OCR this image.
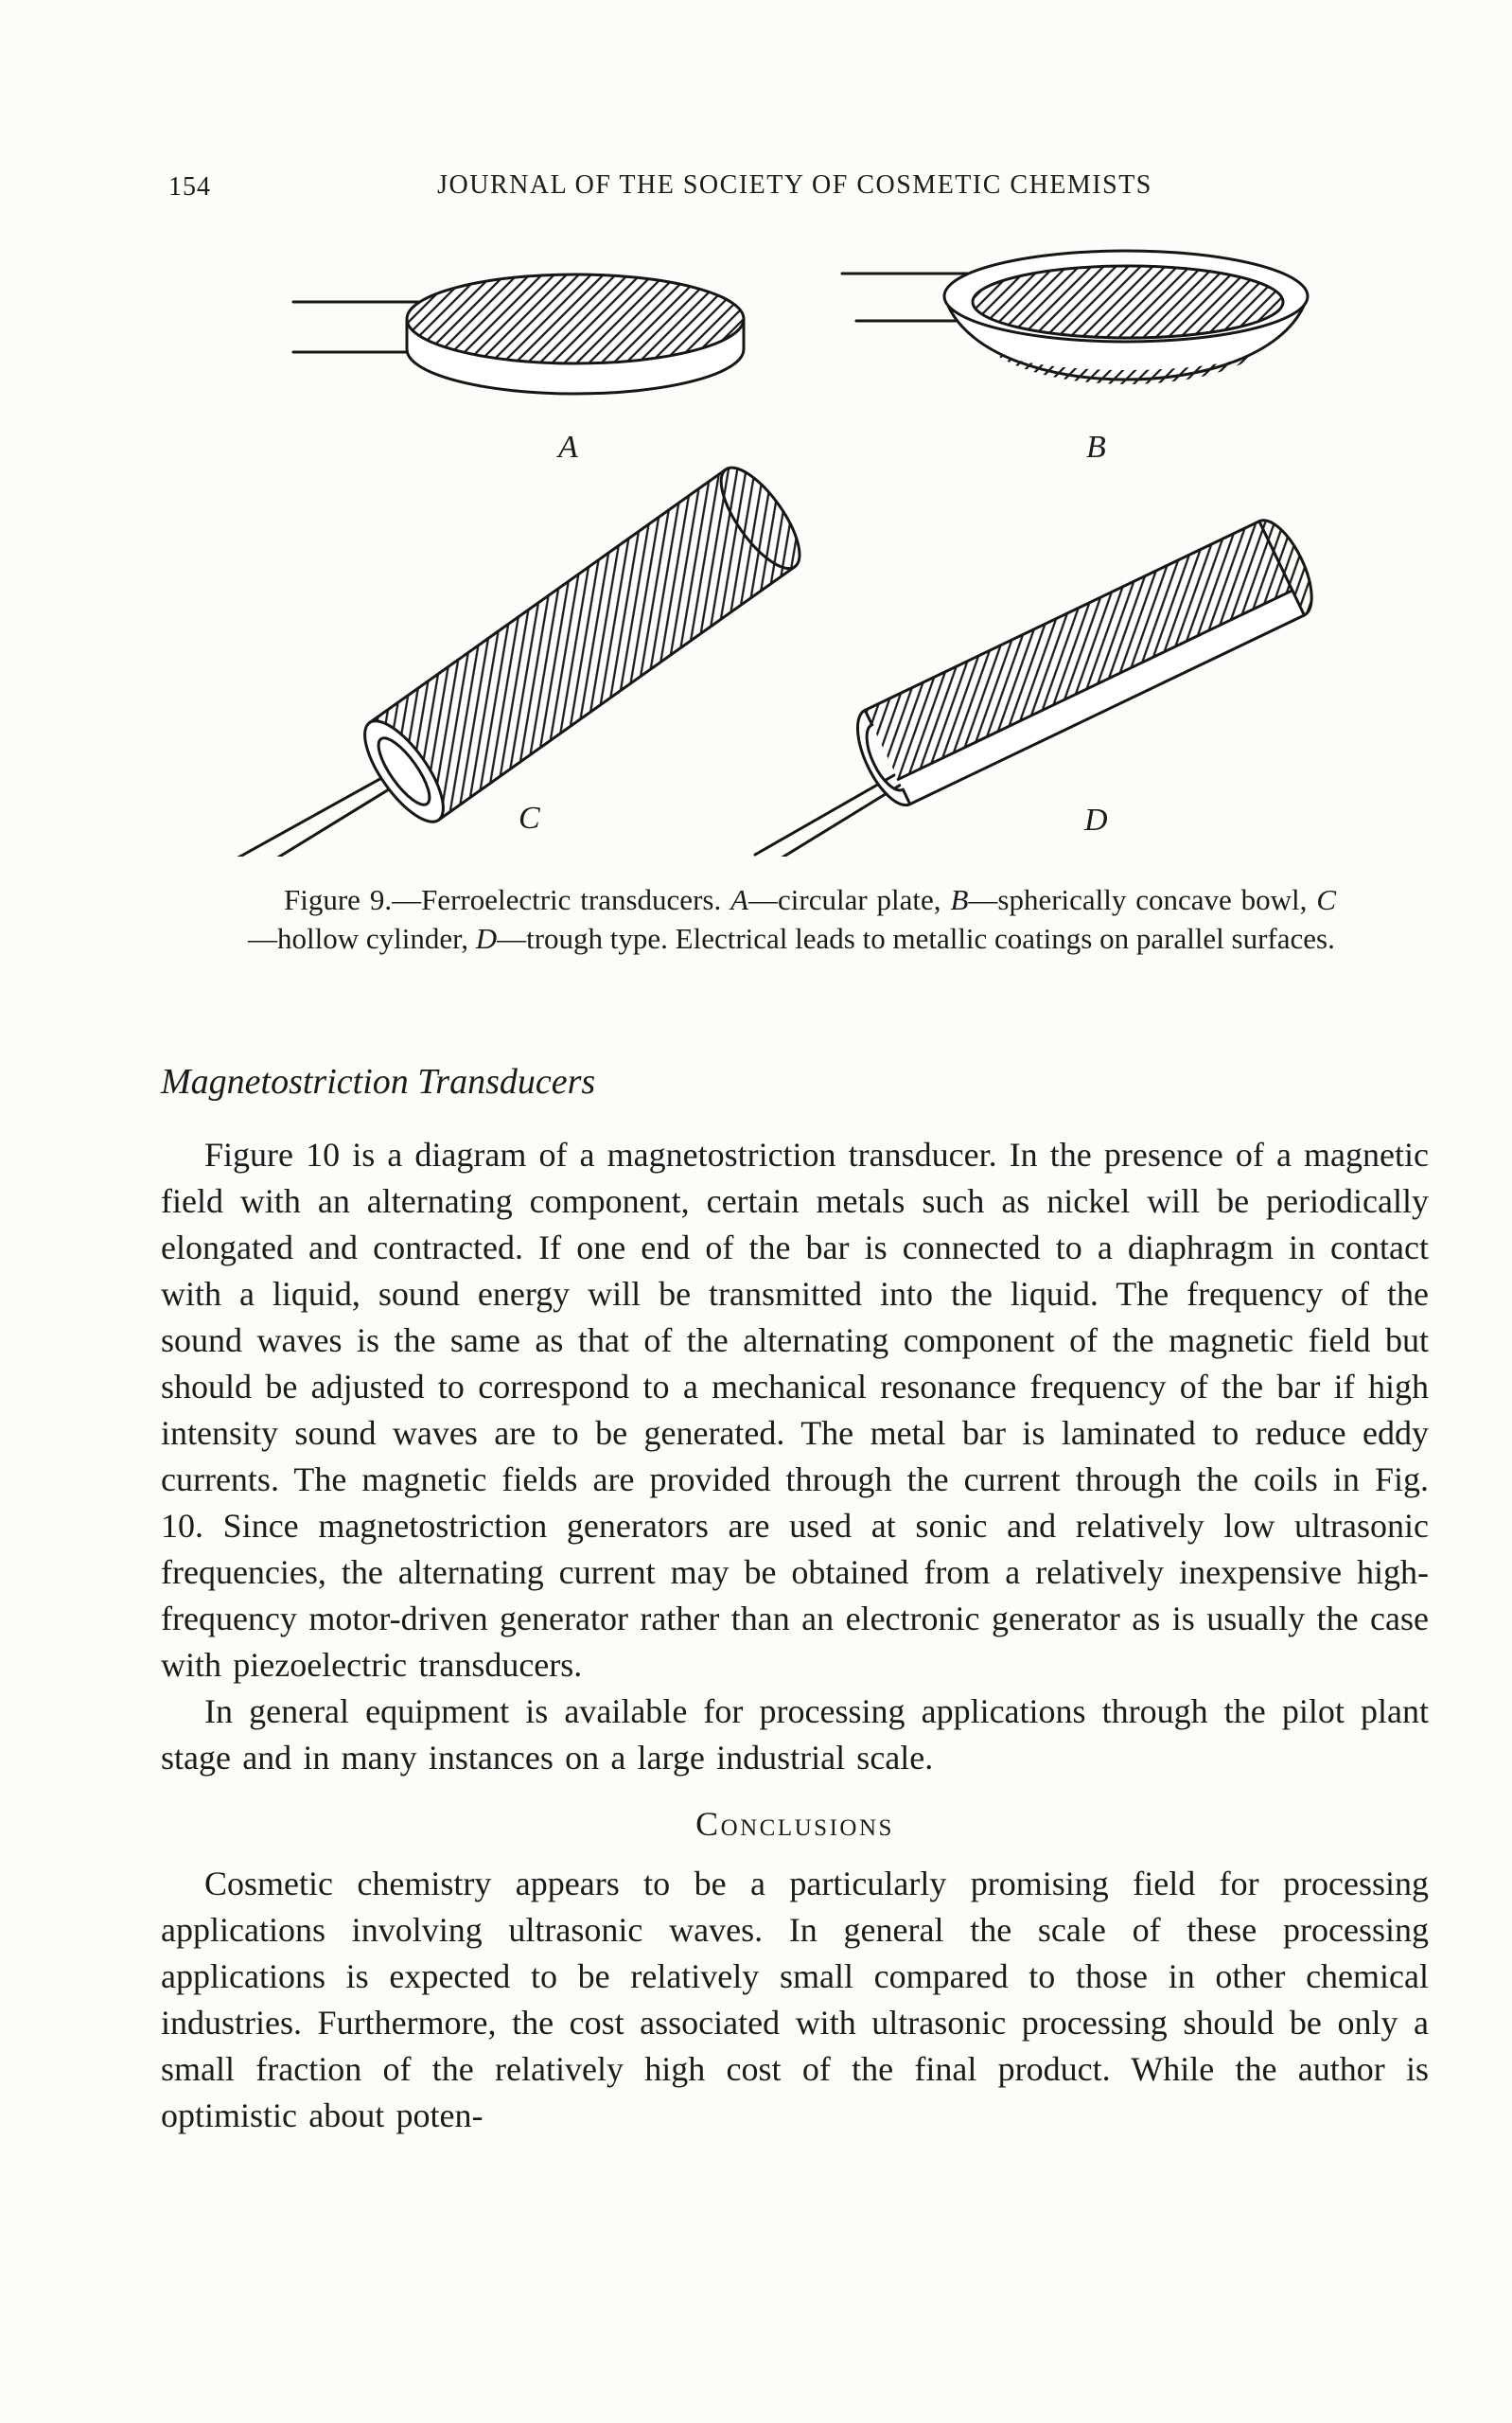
154	JOURNAL OF THE SOCIETY OF COSMETIC CHEMISTS
A	B
C	D
Figure 9.—Ferroelectric transducers. A—circular plate, B—spherically concave bowl, C—hollow cylinder, D—trough type. Electrical leads to metallic coatings on parallel surfaces.
Magnetostriction Transducers

Figure 10 is a diagram of a magnetostriction transducer. In the presence of a magnetic field with an alternating component, certain metals such as nickel will be periodically elongated and contracted. If one end of the bar is connected to a diaphragm in contact with a liquid, sound energy will be transmitted into the liquid. The frequency of the sound waves is the same as that of the alternating component of the magnetic field but should be adjusted to correspond to a mechanical resonance frequency of the bar if high intensity sound waves are to be generated. The metal bar is laminated to reduce eddy currents. The magnetic fields are provided through the current through the coils in Fig. 10. Since magnetostriction generators are used at sonic and relatively low ultrasonic frequencies, the alternating current may be obtained from a relatively inexpensive high-frequency motor-driven generator rather than an electronic generator as is usually the case with piezoelectric transducers.

In general equipment is available for processing applications through the pilot plant stage and in many instances on a large industrial scale.

Conclusions

Cosmetic chemistry appears to be a particularly promising field for processing applications involving ultrasonic waves. In general the scale of these processing applications is expected to be relatively small compared to those in other chemical industries. Furthermore, the cost associated with ultrasonic processing should be only a small fraction of the relatively high cost of the final product. While the author is optimistic about poten-
